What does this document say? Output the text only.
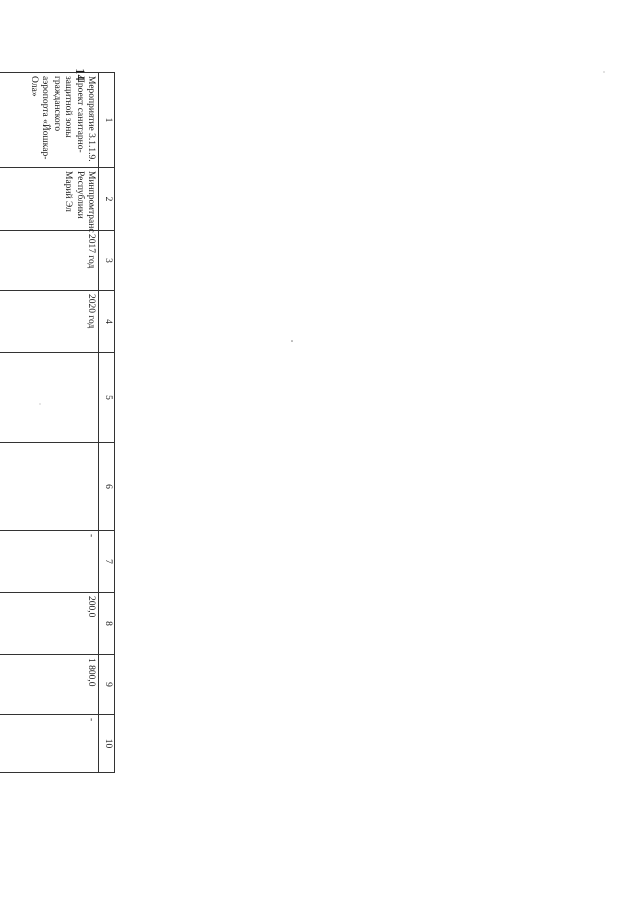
14
1	2	3	4	5	6	7	8	9	10
Мероприятие 3.1.1.9. Проект санитарно-защитной зоны гражданского аэропорта «Йошкар-Ола»	Минпромтранс Республики Марий Эл	2017 год	2020 год			-	200,0	1 800,0	-
